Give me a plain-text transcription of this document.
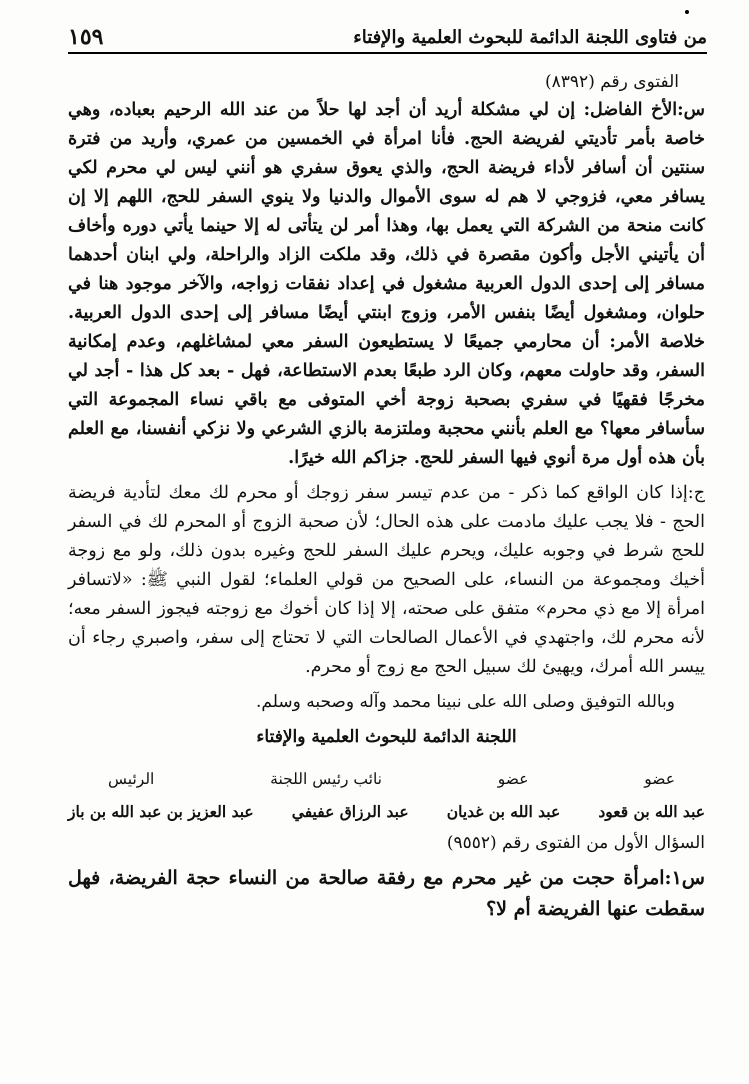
من فتاوى اللجنة الدائمة للبحوث العلمية والإفتاء
١٥٩

الفتوى رقم (٨٣٩٢)

س:الأخ الفاضل: إن لي مشكلة أريد أن أجد لها حلاً من عند الله الرحيم بعباده، وهي خاصة بأمر تأديتي لفريضة الحج. فأنا امرأة في الخمسين من عمري، وأريد من فترة سنتين أن أسافر لأداء فريضة الحج، والذي يعوق سفري هو أنني ليس لي محرم لكي يسافر معي، فزوجي لا هم له سوى الأموال والدنيا ولا ينوي السفر للحج، اللهم إلا إن كانت منحة من الشركة التي يعمل بها، وهذا أمر لن يتأتى له إلا حينما يأتي دوره وأخاف أن يأتيني الأجل وأكون مقصرة في ذلك، وقد ملكت الزاد والراحلة، ولي ابنان أحدهما مسافر إلى إحدى الدول العربية مشغول في إعداد نفقات زواجه، والآخر موجود هنا في حلوان، ومشغول أيضًا بنفس الأمر، وزوج ابنتي أيضًا مسافر إلى إحدى الدول العربية. خلاصة الأمر: أن محارمي جميعًا لا يستطيعون السفر معي لمشاغلهم، وعدم إمكانية السفر، وقد حاولت معهم، وكان الرد طبعًا بعدم الاستطاعة، فهل - بعد كل هذا - أجد لي مخرجًا فقهيًا في سفري بصحبة زوجة أخي المتوفى مع باقي نساء المجموعة التي سأسافر معها؟ مع العلم بأنني محجبة وملتزمة بالزي الشرعي ولا نزكي أنفسنا، مع العلم بأن هذه أول مرة أنوي فيها السفر للحج. جزاكم الله خيرًا.

ج:إذا كان الواقع كما ذكر - من عدم تيسر سفر زوجك أو محرم لك معك لتأدية فريضة الحج - فلا يجب عليك مادمت على هذه الحال؛ لأن صحبة الزوج أو المحرم لك في السفر للحج شرط في وجوبه عليك، ويحرم عليك السفر للحج وغيره بدون ذلك، ولو مع زوجة أخيك ومجموعة من النساء، على الصحيح من قولي العلماء؛ لقول النبي ﷺ: «لاتسافر امرأة إلا مع ذي محرم» متفق على صحته، إلا إذا كان أخوك مع زوجته فيجوز السفر معه؛ لأنه محرم لك، واجتهدي في الأعمال الصالحات التي لا تحتاج إلى سفر، واصبري رجاء أن ييسر الله أمرك، ويهيئ لك سبيل الحج مع زوج أو محرم.

وبالله التوفيق وصلى الله على نبينا محمد وآله وصحبه وسلم.

اللجنة الدائمة للبحوث العلمية والإفتاء
عضو
عضو
نائب رئيس اللجنة
الرئيس
عبد الله بن قعود
عبد الله بن غديان
عبد الرزاق عفيفي
عبد العزيز بن عبد الله بن باز

السؤال الأول من الفتوى رقم (٩٥٥٢)

س١:امرأة حجت من غير محرم مع رفقة صالحة من النساء حجة الفريضة، فهل سقطت عنها الفريضة أم لا؟
